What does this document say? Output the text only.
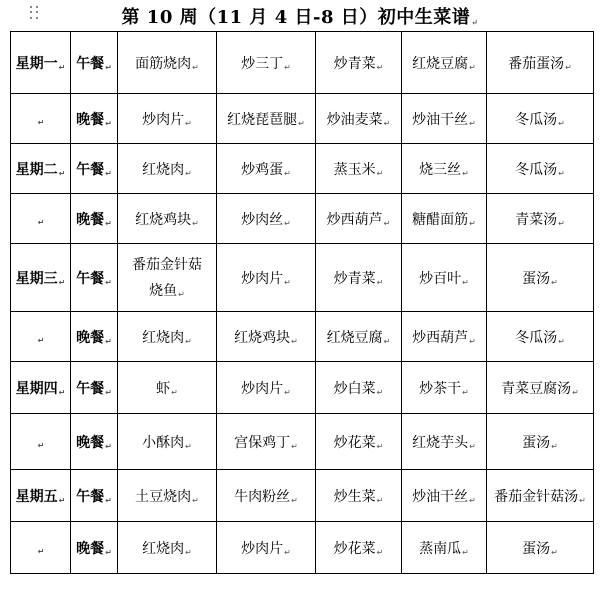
第 10 周（11 月 4 日-8 日）初中生菜谱↵
星期一↵	午餐↵	面筋烧肉↵	炒三丁↵	炒青菜↵	红烧豆腐↵	番茄蛋汤↵
↵	晚餐↵	炒肉片↵	红烧琵琶腿↵	炒油麦菜↵	炒油干丝↵	冬瓜汤↵
星期二↵	午餐↵	红烧肉↵	炒鸡蛋↵	蒸玉米↵	烧三丝↵	冬瓜汤↵
↵	晚餐↵	红烧鸡块↵	炒肉丝↵	炒西葫芦↵	糖醋面筋↵	青菜汤↵
星期三↵	午餐↵	番茄金针菇烧鱼↵	炒肉片↵	炒青菜↵	炒百叶↵	蛋汤↵
↵	晚餐↵	红烧肉↵	红烧鸡块↵	红烧豆腐↵	炒西葫芦↵	冬瓜汤↵
星期四↵	午餐↵	虾↵	炒肉片↵	炒白菜↵	炒茶干↵	青菜豆腐汤↵
↵	晚餐↵	小酥肉↵	宫保鸡丁↵	炒花菜↵	红烧芋头↵	蛋汤↵
星期五↵	午餐↵	土豆烧肉↵	牛肉粉丝↵	炒生菜↵	炒油干丝↵	番茄金针菇汤↵
↵	晚餐↵	红烧肉↵	炒肉片↵	炒花菜↵	蒸南瓜↵	蛋汤↵
